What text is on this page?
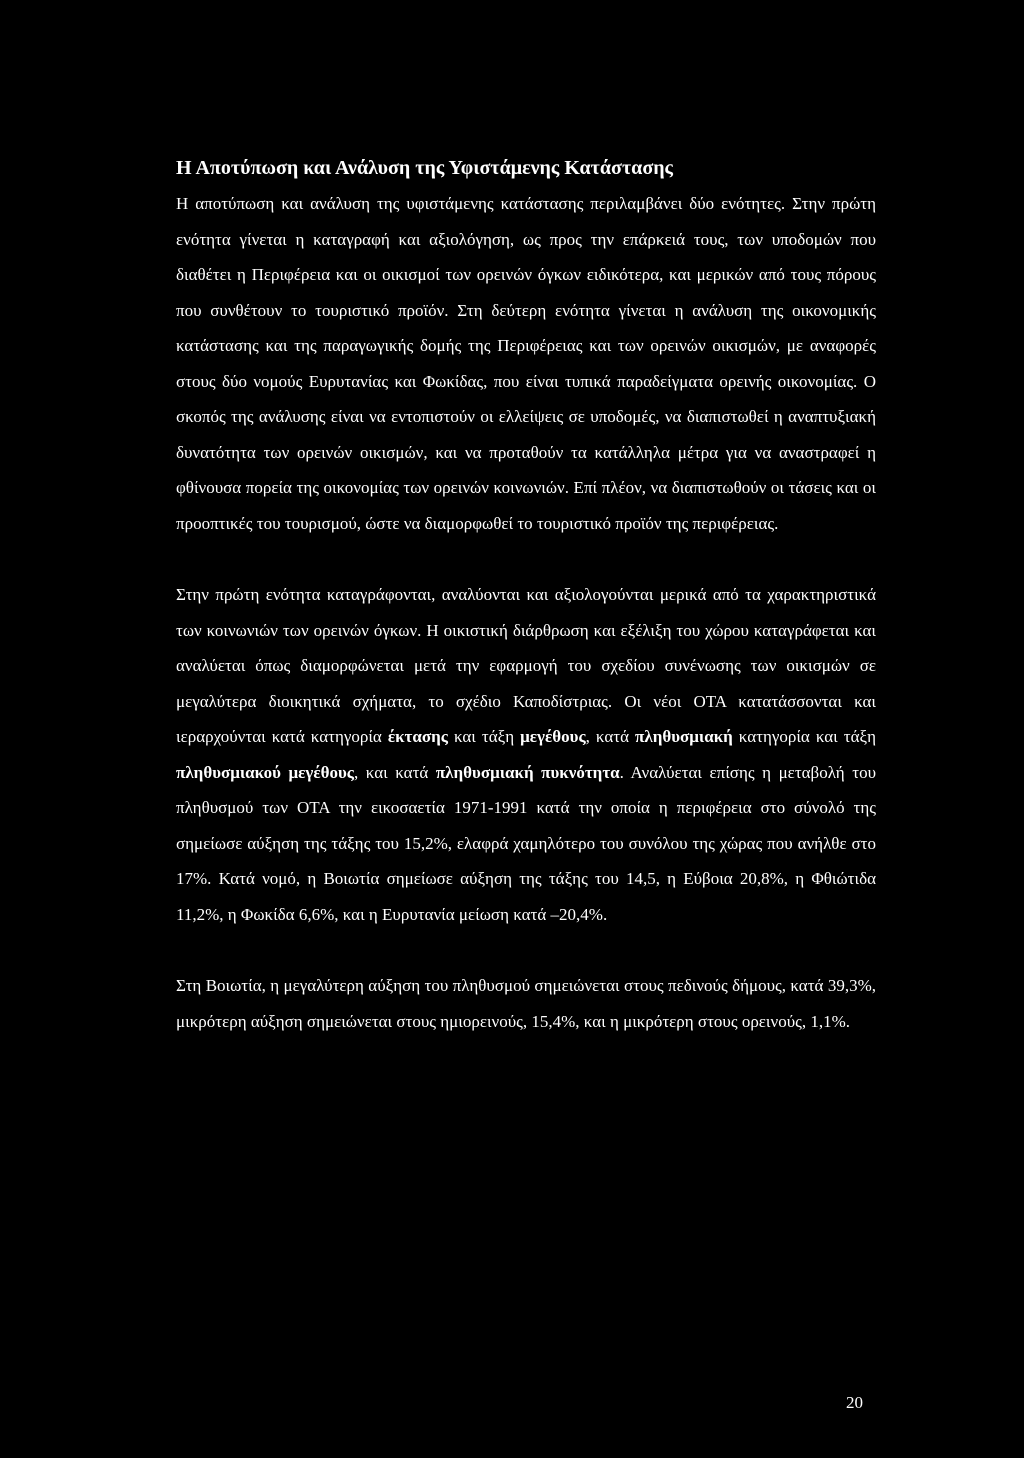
Η Αποτύπωση και Ανάλυση της Υφιστάμενης Κατάστασης

Η αποτύπωση και ανάλυση της υφιστάμενης κατάστασης περιλαμβάνει δύο ενότητες. Στην πρώτη ενότητα γίνεται η καταγραφή και αξιολόγηση, ως προς την επάρκειά τους, των υποδομών που διαθέτει η Περιφέρεια και οι οικισμοί των ορεινών όγκων ειδικότερα, και μερικών από τους πόρους που συνθέτουν το τουριστικό προϊόν. Στη δεύτερη ενότητα γίνεται η ανάλυση της οικονομικής κατάστασης και της παραγωγικής δομής της Περιφέρειας και των ορεινών οικισμών, με αναφορές στους δύο νομούς Ευρυτανίας και Φωκίδας, που είναι τυπικά παραδείγματα ορεινής οικονομίας. Ο σκοπός της ανάλυσης είναι να εντοπιστούν οι ελλείψεις σε υποδομές, να διαπιστωθεί η αναπτυξιακή δυνατότητα των ορεινών οικισμών, και να προταθούν τα κατάλληλα μέτρα για να αναστραφεί η φθίνουσα πορεία της οικονομίας των ορεινών κοινωνιών. Επί πλέον, να διαπιστωθούν οι τάσεις και οι προοπτικές του τουρισμού, ώστε να διαμορφωθεί το τουριστικό προϊόν της περιφέρειας.

Στην πρώτη ενότητα καταγράφονται, αναλύονται και αξιολογούνται μερικά από τα χαρακτηριστικά των κοινωνιών των ορεινών όγκων. Η οικιστική διάρθρωση και εξέλιξη του χώρου καταγράφεται και αναλύεται όπως διαμορφώνεται μετά την εφαρμογή του σχεδίου συνένωσης των οικισμών σε μεγαλύτερα διοικητικά σχήματα, το σχέδιο Καποδίστριας. Οι νέοι ΟΤΑ κατατάσσονται και ιεραρχούνται κατά κατηγορία έκτασης και τάξη μεγέθους, κατά πληθυσμιακή κατηγορία και τάξη πληθυσμιακού μεγέθους, και κατά πληθυσμιακή πυκνότητα. Αναλύεται επίσης η μεταβολή του πληθυσμού των ΟΤΑ την εικοσαετία 1971-1991 κατά την οποία η περιφέρεια στο σύνολό της σημείωσε αύξηση της τάξης του 15,2%, ελαφρά χαμηλότερο του συνόλου της χώρας που ανήλθε στο 17%. Κατά νομό, η Βοιωτία σημείωσε αύξηση της τάξης του 14,5, η Εύβοια 20,8%, η Φθιώτιδα 11,2%, η Φωκίδα 6,6%, και η Ευρυτανία μείωση κατά –20,4%.

Στη Βοιωτία, η μεγαλύτερη αύξηση του πληθυσμού σημειώνεται στους πεδινούς δήμους, κατά 39,3%, μικρότερη αύξηση σημειώνεται στους ημιορεινούς, 15,4%, και η μικρότερη στους ορεινούς, 1,1%.

20
